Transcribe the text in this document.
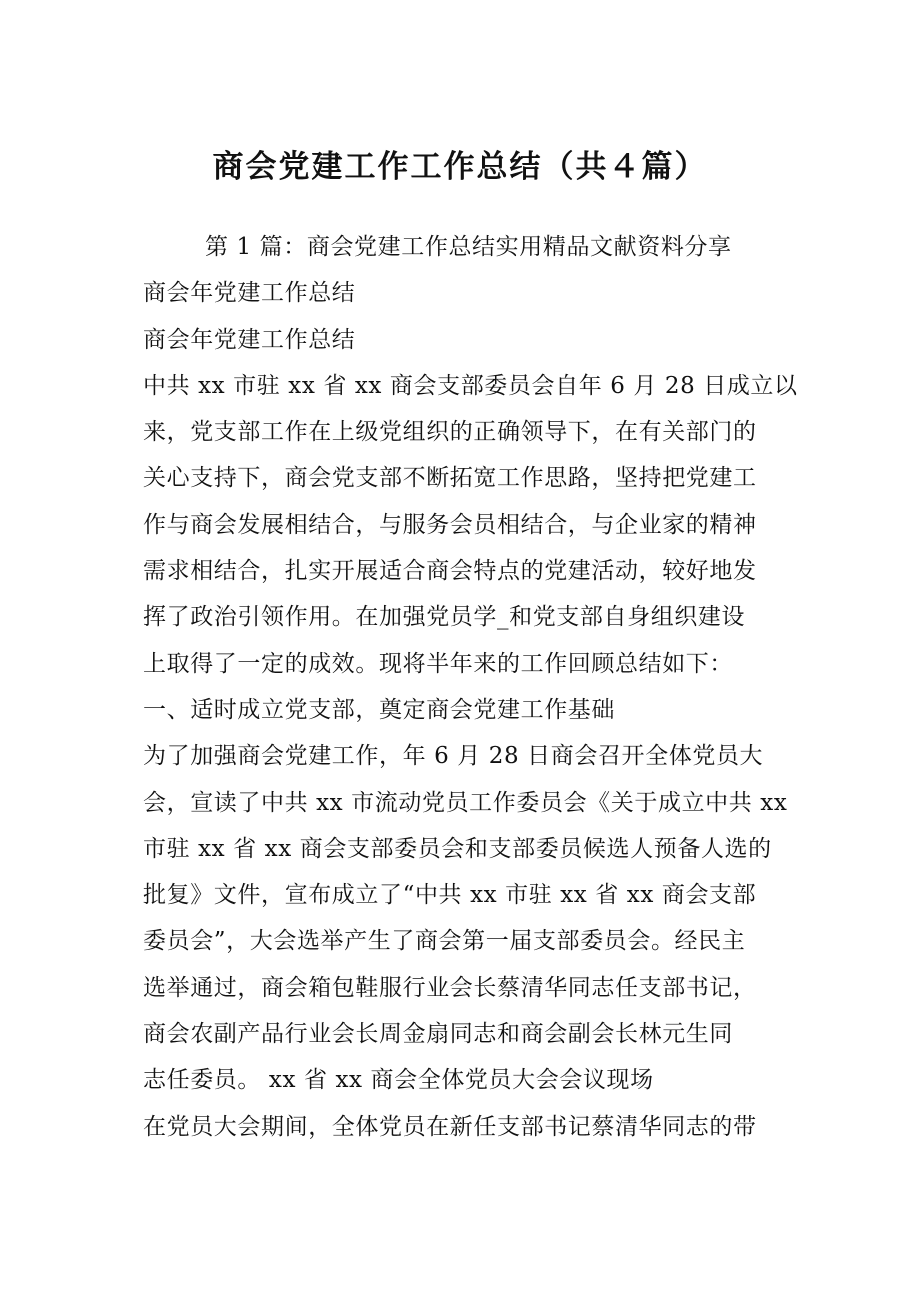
商会党建工作工作总结（共４篇）
第 1 篇：商会党建工作总结实用精品文献资料分享
商会年党建工作总结
商会年党建工作总结
中共 xx 市驻 xx 省 xx 商会支部委员会自年 6 月 28 日成立以
来，党支部工作在上级党组织的正确领导下，在有关部门的
关心支持下，商会党支部不断拓宽工作思路，坚持把党建工
作与商会发展相结合，与服务会员相结合，与企业家的精神
需求相结合，扎实开展适合商会特点的党建活动，较好地发
挥了政治引领作用。在加强党员学_和党支部自身组织建设
上取得了一定的成效。现将半年来的工作回顾总结如下：
一、适时成立党支部，奠定商会党建工作基础
为了加强商会党建工作，年 6 月 28 日商会召开全体党员大
会，宣读了中共 xx 市流动党员工作委员会《关于成立中共 xx
市驻 xx 省 xx 商会支部委员会和支部委员候选人预备人选的
批复》文件，宣布成立了“中共 xx 市驻 xx 省 xx 商会支部
委员会”，大会选举产生了商会第一届支部委员会。经民主
选举通过，商会箱包鞋服行业会长蔡清华同志任支部书记，
商会农副产品行业会长周金扇同志和商会副会长林元生同
志任委员。 xx 省 xx 商会全体党员大会会议现场
在党员大会期间，全体党员在新任支部书记蔡清华同志的带
